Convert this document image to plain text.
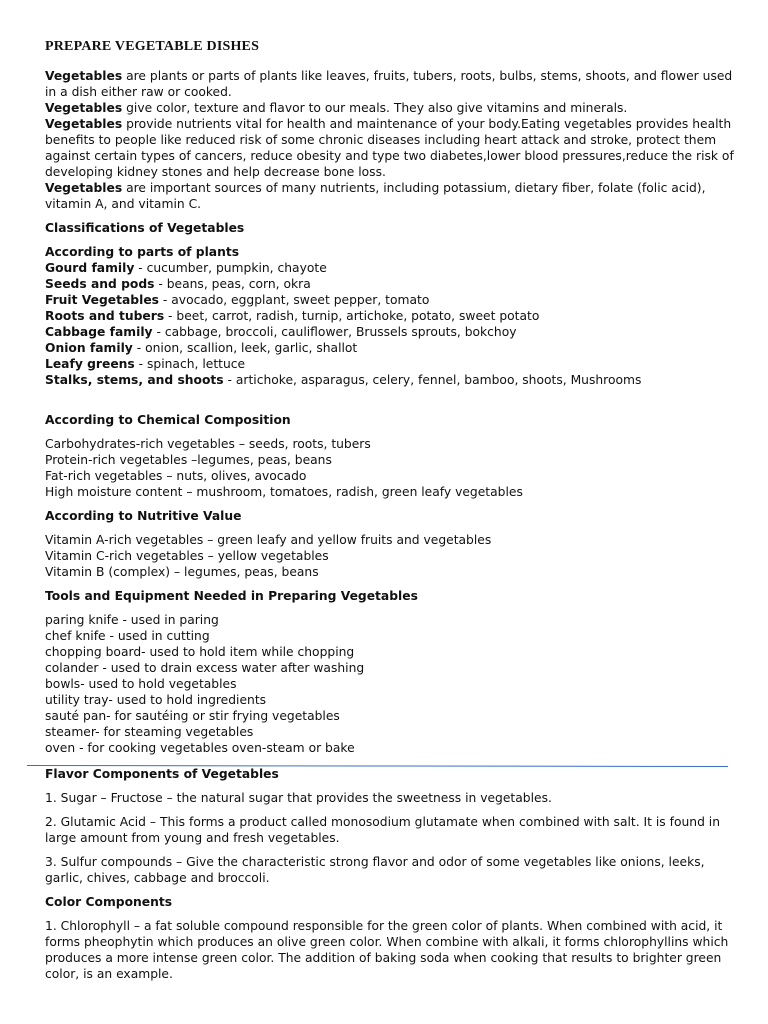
PREPARE VEGETABLE DISHES

Vegetables are plants or parts of plants like leaves, fruits, tubers, roots, bulbs, stems, shoots, and flower used in a dish either raw or cooked.

Vegetables give color, texture and flavor to our meals. They also give vitamins and minerals.

Vegetables provide nutrients vital for health and maintenance of your body.Eating vegetables provides health benefits to people like reduced risk of some chronic diseases including heart attack and stroke, protect them against certain types of cancers, reduce obesity and type two diabetes,lower blood pressures,reduce the risk of developing kidney stones and help decrease bone loss.

Vegetables are important sources of many nutrients, including potassium, dietary fiber, folate (folic acid), vitamin A, and vitamin C.

Classifications of Vegetables

According to parts of plants

Gourd family - cucumber, pumpkin, chayote

Seeds and pods - beans, peas, corn, okra

Fruit Vegetables - avocado, eggplant, sweet pepper, tomato

Roots and tubers - beet, carrot, radish, turnip, artichoke, potato, sweet potato

Cabbage family - cabbage, broccoli, cauliflower, Brussels sprouts, bokchoy

Onion family - onion, scallion, leek, garlic, shallot

Leafy greens - spinach, lettuce

Stalks, stems, and shoots - artichoke, asparagus, celery, fennel, bamboo, shoots, Mushrooms

According to Chemical Composition

Carbohydrates-rich vegetables – seeds, roots, tubers

Protein-rich vegetables –legumes, peas, beans

Fat-rich vegetables – nuts, olives, avocado

High moisture content – mushroom, tomatoes, radish, green leafy vegetables

According to Nutritive Value

Vitamin A-rich vegetables – green leafy and yellow fruits and vegetables

Vitamin C-rich vegetables – yellow vegetables

Vitamin B (complex) – legumes, peas, beans

Tools and Equipment Needed in Preparing Vegetables

paring knife - used in paring

chef knife - used in cutting

chopping board- used to hold item while chopping

colander - used to drain excess water after washing

bowls- used to hold vegetables

utility tray- used to hold ingredients

sauté pan- for sautéing or stir frying vegetables

steamer- for steaming vegetables

oven - for cooking vegetables oven-steam or bake

Flavor Components of Vegetables

1. Sugar – Fructose – the natural sugar that provides the sweetness in vegetables.

2. Glutamic Acid – This forms a product called monosodium glutamate when combined with salt. It is found in large amount from young and fresh vegetables.

3. Sulfur compounds – Give the characteristic strong flavor and odor of some vegetables like onions, leeks, garlic, chives, cabbage and broccoli.

Color Components

1. Chlorophyll – a fat soluble compound responsible for the green color of plants. When combined with acid, it forms pheophytin which produces an olive green color. When combine with alkali, it forms chlorophyllins which produces a more intense green color. The addition of baking soda when cooking that results to brighter green color, is an example.
